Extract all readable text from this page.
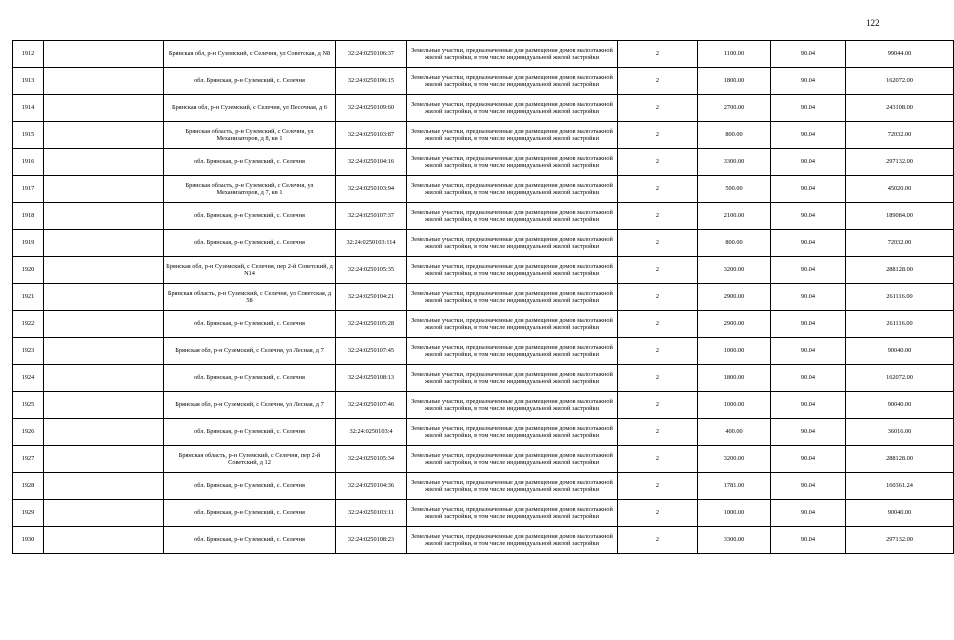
122
1912		Брянская обл, р-н Суземский, с Селечня, ул Советская, д N8	32:24:0250106:37	Земельные участки, предназначенные для размещения домов малоэтажной жилой застройки, в том числе индивидуальной жилой застройки	2	1100.00	90.04	99044.00
1913		обл. Брянская, р-н Суземский, с. Селечня	32:24:0250106:15	Земельные участки, предназначенные для размещения домов малоэтажной жилой застройки, в том числе индивидуальной жилой застройки	2	1800.00	90.04	162072.00
1914		Брянская обл, р-н Суземский, с Селечня, ул Песочная, д 6	32:24:0250109:60	Земельные участки, предназначенные для размещения домов малоэтажной жилой застройки, в том числе индивидуальной жилой застройки	2	2700.00	90.04	243108.00
1915		Брянская область, р-н Суземский, с Селечня, ул Механизаторов, д 8, кв 1	32:24:0250103:87	Земельные участки, предназначенные для размещения домов малоэтажной жилой застройки, в том числе индивидуальной жилой застройки	2	800.00	90.04	72032.00
1916		обл. Брянская, р-н Суземский, с. Селечня	32:24:0250104:16	Земельные участки, предназначенные для размещения домов малоэтажной жилой застройки, в том числе индивидуальной жилой застройки	2	3300.00	90.04	297132.00
1917		Брянская область, р-н Суземский, с Селечня, ул Механизаторов, д 7, кв 1	32:24:0250103:94	Земельные участки, предназначенные для размещения домов малоэтажной жилой застройки, в том числе индивидуальной жилой застройки	2	500.00	90.04	45020.00
1918		обл. Брянская, р-н Суземский, с. Селечня	32:24:0250107:37	Земельные участки, предназначенные для размещения домов малоэтажной жилой застройки, в том числе индивидуальной жилой застройки	2	2100.00	90.04	189084.00
1919		обл. Брянская, р-н Суземский, с. Селечня	32:24:0250103:114	Земельные участки, предназначенные для размещения домов малоэтажной жилой застройки, в том числе индивидуальной жилой застройки	2	800.00	90.04	72032.00
1920		Брянская обл, р-н Суземский, с Селечня, пер 2-й Советский, д N14	32:24:0250105:35	Земельные участки, предназначенные для размещения домов малоэтажной жилой застройки, в том числе индивидуальной жилой застройки	2	3200.00	90.04	288128.00
1921		Брянская область, р-н Суземский, с Селечня, ул Советская, д 58	32:24:0250104:21	Земельные участки, предназначенные для размещения домов малоэтажной жилой застройки, в том числе индивидуальной жилой застройки	2	2900.00	90.04	261116.00
1922		обл. Брянская, р-н Суземский, с. Селечня	32:24:0250105:28	Земельные участки, предназначенные для размещения домов малоэтажной жилой застройки, в том числе индивидуальной жилой застройки	2	2900.00	90.04	261116.00
1923		Брянская обл, р-н Суземский, с Селечня, ул Лесная, д 7	32:24:0250107:45	Земельные участки, предназначенные для размещения домов малоэтажной жилой застройки, в том числе индивидуальной жилой застройки	2	1000.00	90.04	90040.00
1924		обл. Брянская, р-н Суземский, с. Селечня	32:24:0250108:13	Земельные участки, предназначенные для размещения домов малоэтажной жилой застройки, в том числе индивидуальной жилой застройки	2	1800.00	90.04	162072.00
1925		Брянская обл, р-н Суземский, с Селечня, ул Лесная, д 7	32:24:0250107:46	Земельные участки, предназначенные для размещения домов малоэтажной жилой застройки, в том числе индивидуальной жилой застройки	2	1000.00	90.04	90040.00
1926		обл. Брянская, р-н Суземский, с. Селечня	32:24:0250103:4	Земельные участки, предназначенные для размещения домов малоэтажной жилой застройки, в том числе индивидуальной жилой застройки	2	400.00	90.04	36016.00
1927		Брянская область, р-н Суземский, с Селечня, пер 2-й Советский, д 12	32:24:0250105:34	Земельные участки, предназначенные для размещения домов малоэтажной жилой застройки, в том числе индивидуальной жилой застройки	2	3200.00	90.04	288128.00
1928		обл. Брянская, р-н Суземский, с. Селечня	32:24:0250104:36	Земельные участки, предназначенные для размещения домов малоэтажной жилой застройки, в том числе индивидуальной жилой застройки	2	1781.00	90.04	160361.24
1929		обл. Брянская, р-н Суземский, с. Селечня	32:24:0250103:11	Земельные участки, предназначенные для размещения домов малоэтажной жилой застройки, в том числе индивидуальной жилой застройки	2	1000.00	90.04	90040.00
1930		обл. Брянская, р-н Суземский, с. Селечня	32:24:0250108:23	Земельные участки, предназначенные для размещения домов малоэтажной жилой застройки, в том числе индивидуальной жилой застройки	2	3300.00	90.04	297132.00
